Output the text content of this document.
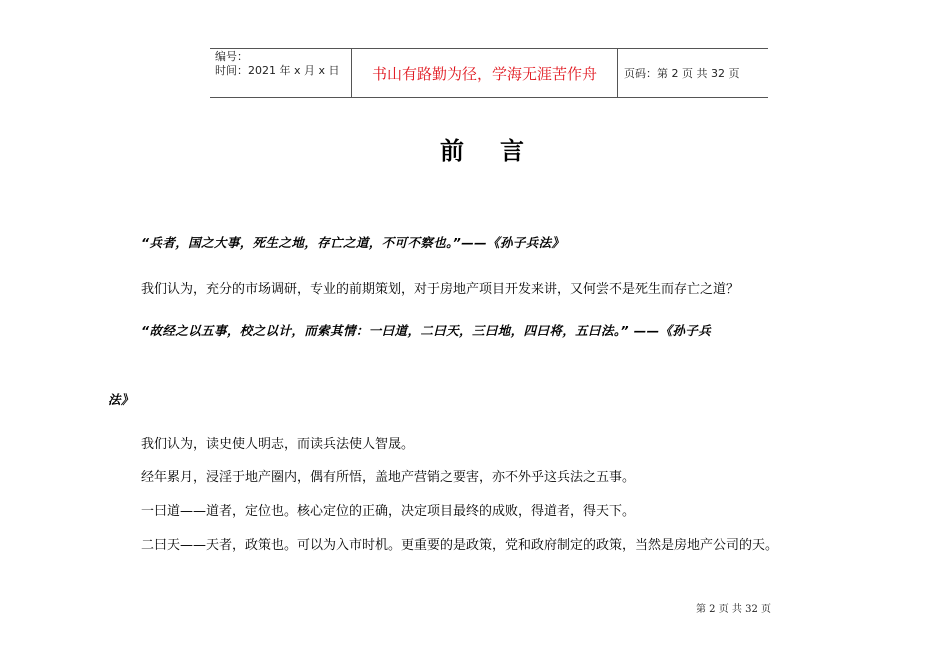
编号：
时间：2021 年 x 月 x 日	书山有路勤为径，学海无涯苦作舟	页码：第 2 页 共 32 页
前言
“兵者，国之大事，死生之地，存亡之道，不可不察也。”——《孙子兵法》
我们认为，充分的市场调研，专业的前期策划，对于房地产项目开发来讲，又何尝不是死生而存亡之道？
“故经之以五事，校之以计，而索其情：一曰道，二曰天，三曰地，四曰将，五曰法。” ——《孙子兵
法》
我们认为，读史使人明志，而读兵法使人智晟。
经年累月，浸淫于地产圈内，偶有所悟，盖地产营销之要害，亦不外乎这兵法之五事。
一曰道——道者，定位也。核心定位的正确，决定项目最终的成败，得道者，得天下。
二曰天——天者，政策也。可以为入市时机。更重要的是政策，党和政府制定的政策，当然是房地产公司的天。
第 2 页 共 32 页
